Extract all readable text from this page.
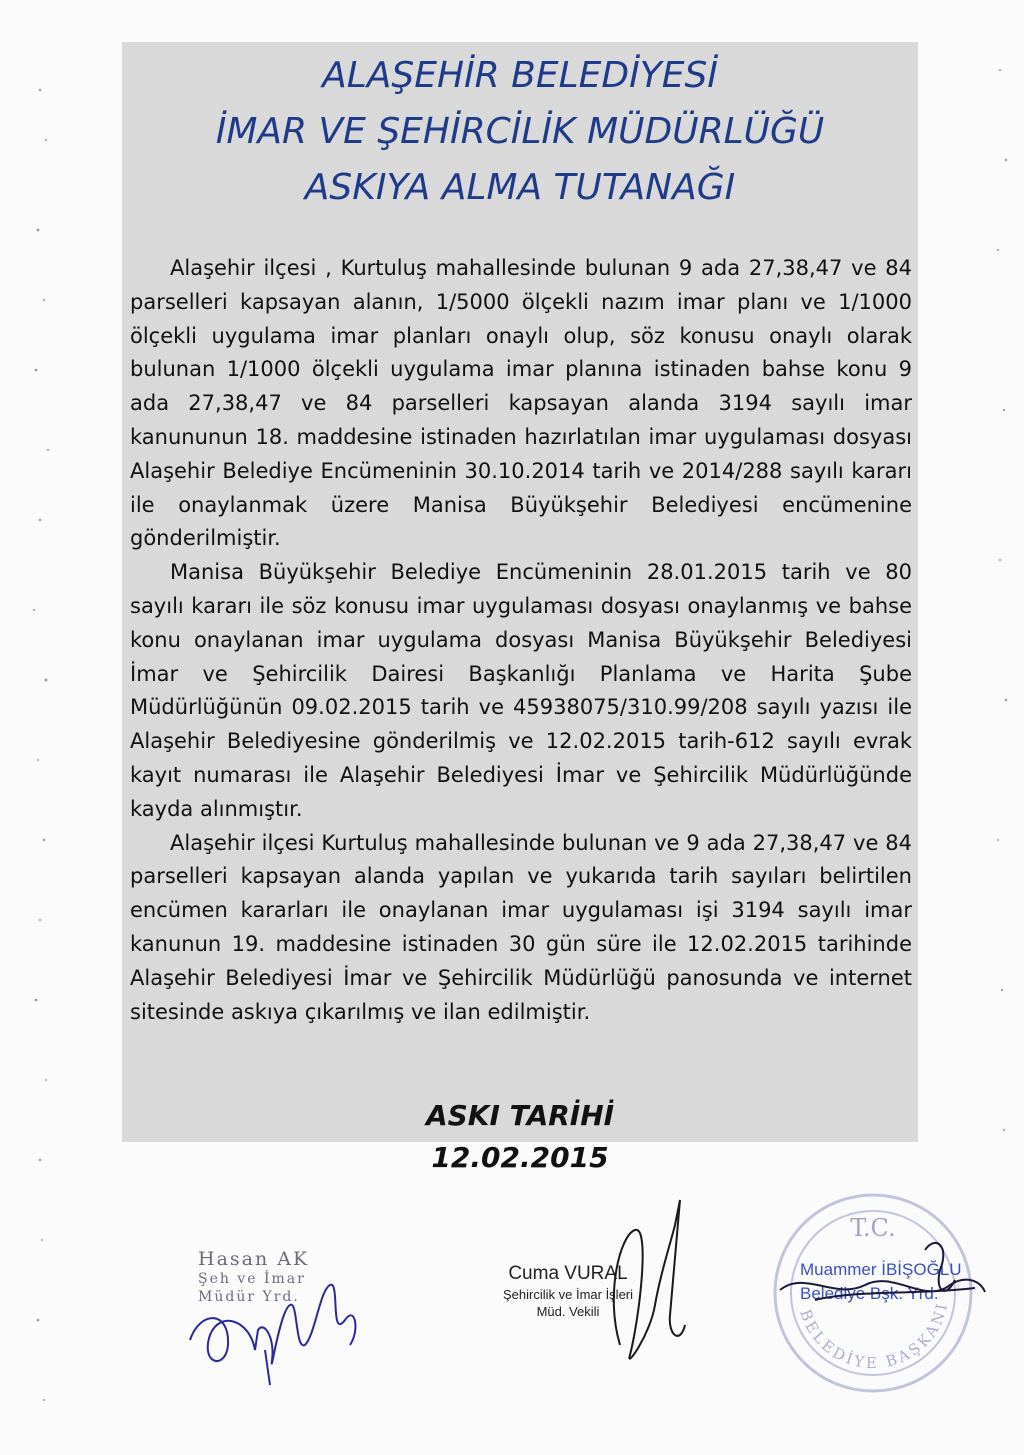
ALAŞEHİR BELEDİYESİ
İMAR VE ŞEHİRCİLİK MÜDÜRLÜĞÜ
ASKIYA ALMA TUTANAĞI

Alaşehir ilçesi , Kurtuluş mahallesinde bulunan 9 ada 27,38,47 ve 84 parselleri kapsayan alanın, 1/5000 ölçekli nazım imar planı ve 1/1000 ölçekli uygulama imar planları onaylı olup, söz konusu onaylı olarak bulunan 1/1000 ölçekli uygulama imar planına istinaden bahse konu 9 ada 27,38,47 ve 84 parselleri kapsayan alanda 3194 sayılı imar kanununun 18. maddesine istinaden hazırlatılan imar uygulaması dosyası Alaşehir Belediye Encümeninin 30.10.2014 tarih ve 2014/288 sayılı kararı ile onaylanmak üzere Manisa Büyükşehir Belediyesi encümenine gönderilmiştir.

Manisa Büyükşehir Belediye Encümeninin 28.01.2015 tarih ve 80 sayılı kararı ile söz konusu imar uygulaması dosyası onaylanmış ve bahse konu onaylanan imar uygulama dosyası Manisa Büyükşehir Belediyesi İmar ve Şehircilik Dairesi Başkanlığı Planlama ve Harita Şube Müdürlüğünün 09.02.2015 tarih ve 45938075/310.99/208 sayılı yazısı ile Alaşehir Belediyesine gönderilmiş ve 12.02.2015 tarih-612 sayılı evrak kayıt numarası ile Alaşehir Belediyesi İmar ve Şehircilik Müdürlüğünde kayda alınmıştır.

Alaşehir ilçesi Kurtuluş mahallesinde bulunan ve 9 ada 27,38,47 ve 84 parselleri kapsayan alanda yapılan ve yukarıda tarih sayıları belirtilen encümen kararları ile onaylanan imar uygulaması işi 3194 sayılı imar kanunun 19. maddesine istinaden 30 gün süre ile 12.02.2015 tarihinde Alaşehir Belediyesi İmar ve Şehircilik Müdürlüğü panosunda ve internet sitesinde askıya çıkarılmış ve ilan edilmiştir.

ASKI TARİHİ
12.02.2015
Hasan AK
Şeh ve İmar
Müdür Yrd.
Cuma VURAL
Şehircilik ve İmar İşleri
Müd. Vekili
T.C.
BELEDİYE BAŞKANI
Muammer İBİŞOĞLU
Belediye Bşk. Yrd.
